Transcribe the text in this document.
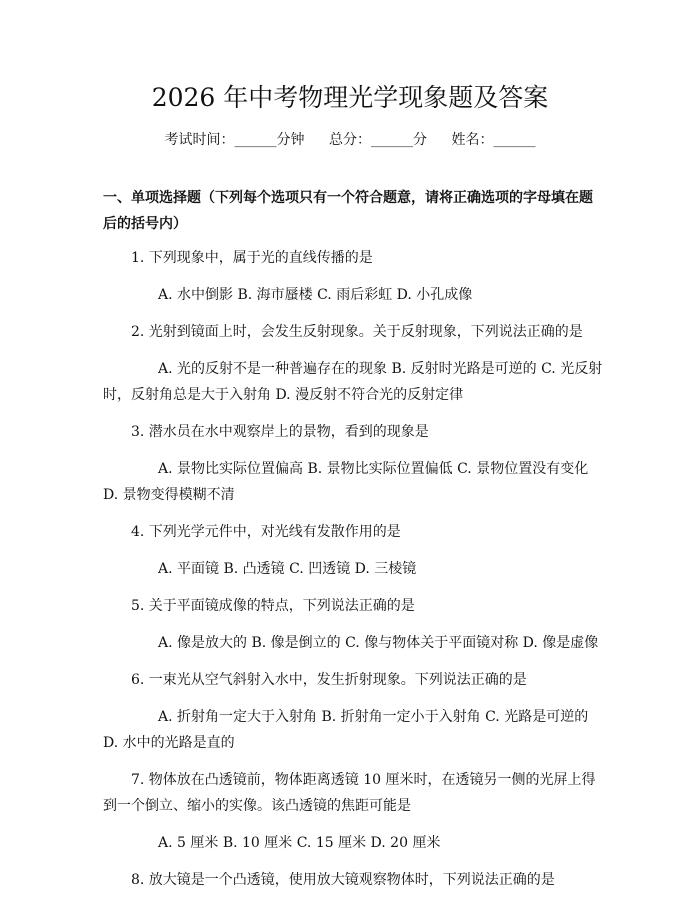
2026 年中考物理光学现象题及答案
考试时间：______分钟 总分：______分 姓名：______
一、单项选择题（下列每个选项只有一个符合题意，请将正确选项的字母填在题后的括号内）
1. 下列现象中，属于光的直线传播的是
A. 水中倒影 B. 海市蜃楼 C. 雨后彩虹 D. 小孔成像
2. 光射到镜面上时，会发生反射现象。关于反射现象，下列说法正确的是
A. 光的反射不是一种普遍存在的现象 B. 反射时光路是可逆的 C. 光反射时，反射角总是大于入射角 D. 漫反射不符合光的反射定律
3. 潜水员在水中观察岸上的景物，看到的现象是
A. 景物比实际位置偏高 B. 景物比实际位置偏低 C. 景物位置没有变化 D. 景物变得模糊不清
4. 下列光学元件中，对光线有发散作用的是
A. 平面镜 B. 凸透镜 C. 凹透镜 D. 三棱镜
5. 关于平面镜成像的特点，下列说法正确的是
A. 像是放大的 B. 像是倒立的 C. 像与物体关于平面镜对称 D. 像是虚像
6. 一束光从空气斜射入水中，发生折射现象。下列说法正确的是
A. 折射角一定大于入射角 B. 折射角一定小于入射角 C. 光路是可逆的 D. 水中的光路是直的
7. 物体放在凸透镜前，物体距离透镜 10 厘米时，在透镜另一侧的光屏上得到一个倒立、缩小的实像。该凸透镜的焦距可能是
A. 5 厘米 B. 10 厘米 C. 15 厘米 D. 20 厘米
8. 放大镜是一个凸透镜，使用放大镜观察物体时，下列说法正确的是
